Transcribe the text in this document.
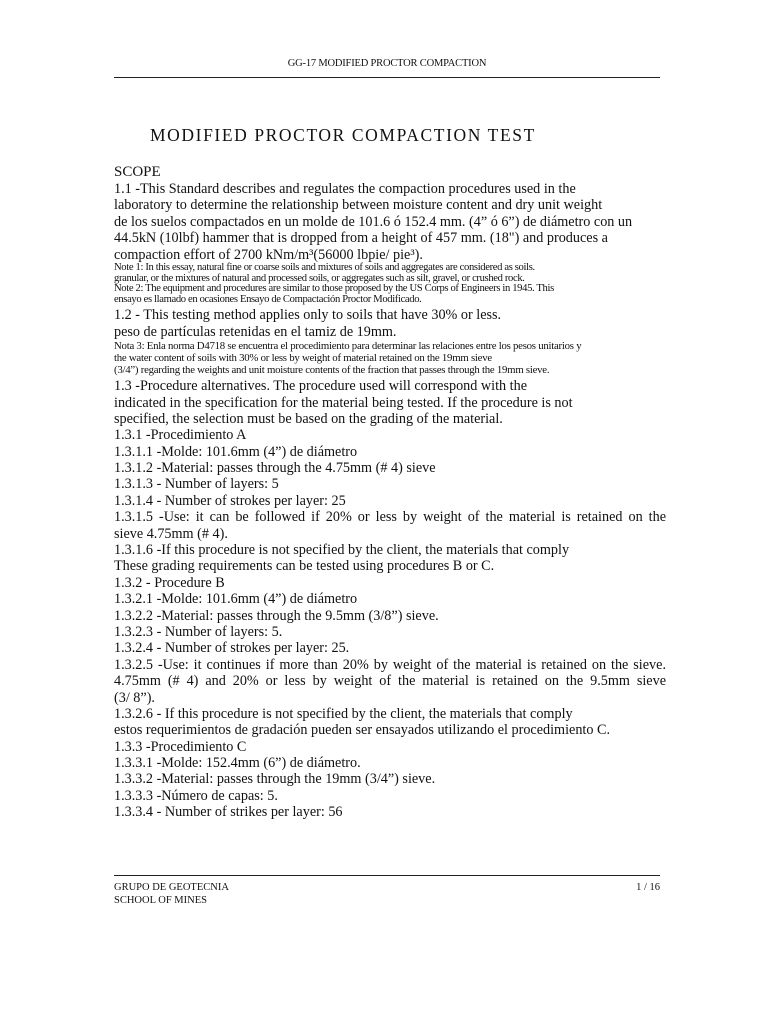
GG-17 MODIFIED PROCTOR COMPACTION
MODIFIED PROCTOR COMPACTION TEST
SCOPE
1.1 -This Standard describes and regulates the compaction procedures used in the
laboratory to determine the relationship between moisture content and dry unit weight
de los suelos compactados en un molde de 101.6 ó 152.4 mm. (4” ó 6”) de diámetro con un
44.5kN (10lbf) hammer that is dropped from a height of 457 mm. (18") and produces a
compaction effort of 2700 kNm/m³(56000 lbpie/ pie³).
Note 1: In this essay, natural fine or coarse soils and mixtures of soils and aggregates are considered as soils.
granular, or the mixtures of natural and processed soils, or aggregates such as silt, gravel, or crushed rock.
Note 2: The equipment and procedures are similar to those proposed by the US Corps of Engineers in 1945. This
ensayo es llamado en ocasiones Ensayo de Compactación Proctor Modificado.
1.2 - This testing method applies only to soils that have 30% or less.
peso de partículas retenidas en el tamiz de 19mm.
Nota 3: Enla norma D4718 se encuentra el procedimiento para determinar las relaciones entre los pesos unitarios y
the water content of soils with 30% or less by weight of material retained on the 19mm sieve
(3/4”) regarding the weights and unit moisture contents of the fraction that passes through the 19mm sieve.
1.3 -Procedure alternatives. The procedure used will correspond with the
indicated in the specification for the material being tested. If the procedure is not
specified, the selection must be based on the grading of the material.
1.3.1 -Procedimiento A
1.3.1.1 -Molde: 101.6mm (4”) de diámetro
1.3.1.2 -Material: passes through the 4.75mm (# 4) sieve
1.3.1.3 - Number of layers: 5
1.3.1.4 - Number of strokes per layer: 25
1.3.1.5 -Use: it can be followed if 20% or less by weight of the material is retained on the
sieve 4.75mm (# 4).
1.3.1.6 -If this procedure is not specified by the client, the materials that comply
These grading requirements can be tested using procedures B or C.
1.3.2 - Procedure B
1.3.2.1 -Molde: 101.6mm (4”) de diámetro
1.3.2.2 -Material: passes through the 9.5mm (3/8”) sieve.
1.3.2.3 - Number of layers: 5.
1.3.2.4 - Number of strokes per layer: 25.
1.3.2.5 -Use: it continues if more than 20% by weight of the material is retained on the sieve.
4.75mm (# 4) and 20% or less by weight of the material is retained on the 9.5mm sieve
(3/ 8”).
1.3.2.6 - If this procedure is not specified by the client, the materials that comply
estos requerimientos de gradación pueden ser ensayados utilizando el procedimiento C.
1.3.3 -Procedimiento C
1.3.3.1 -Molde: 152.4mm (6”) de diámetro.
1.3.3.2 -Material: passes through the 19mm (3/4”) sieve.
1.3.3.3 -Número de capas: 5.
1.3.3.4 - Number of strikes per layer: 56
GRUPO DE GEOTECNIA
SCHOOL OF MINES
1 / 16
